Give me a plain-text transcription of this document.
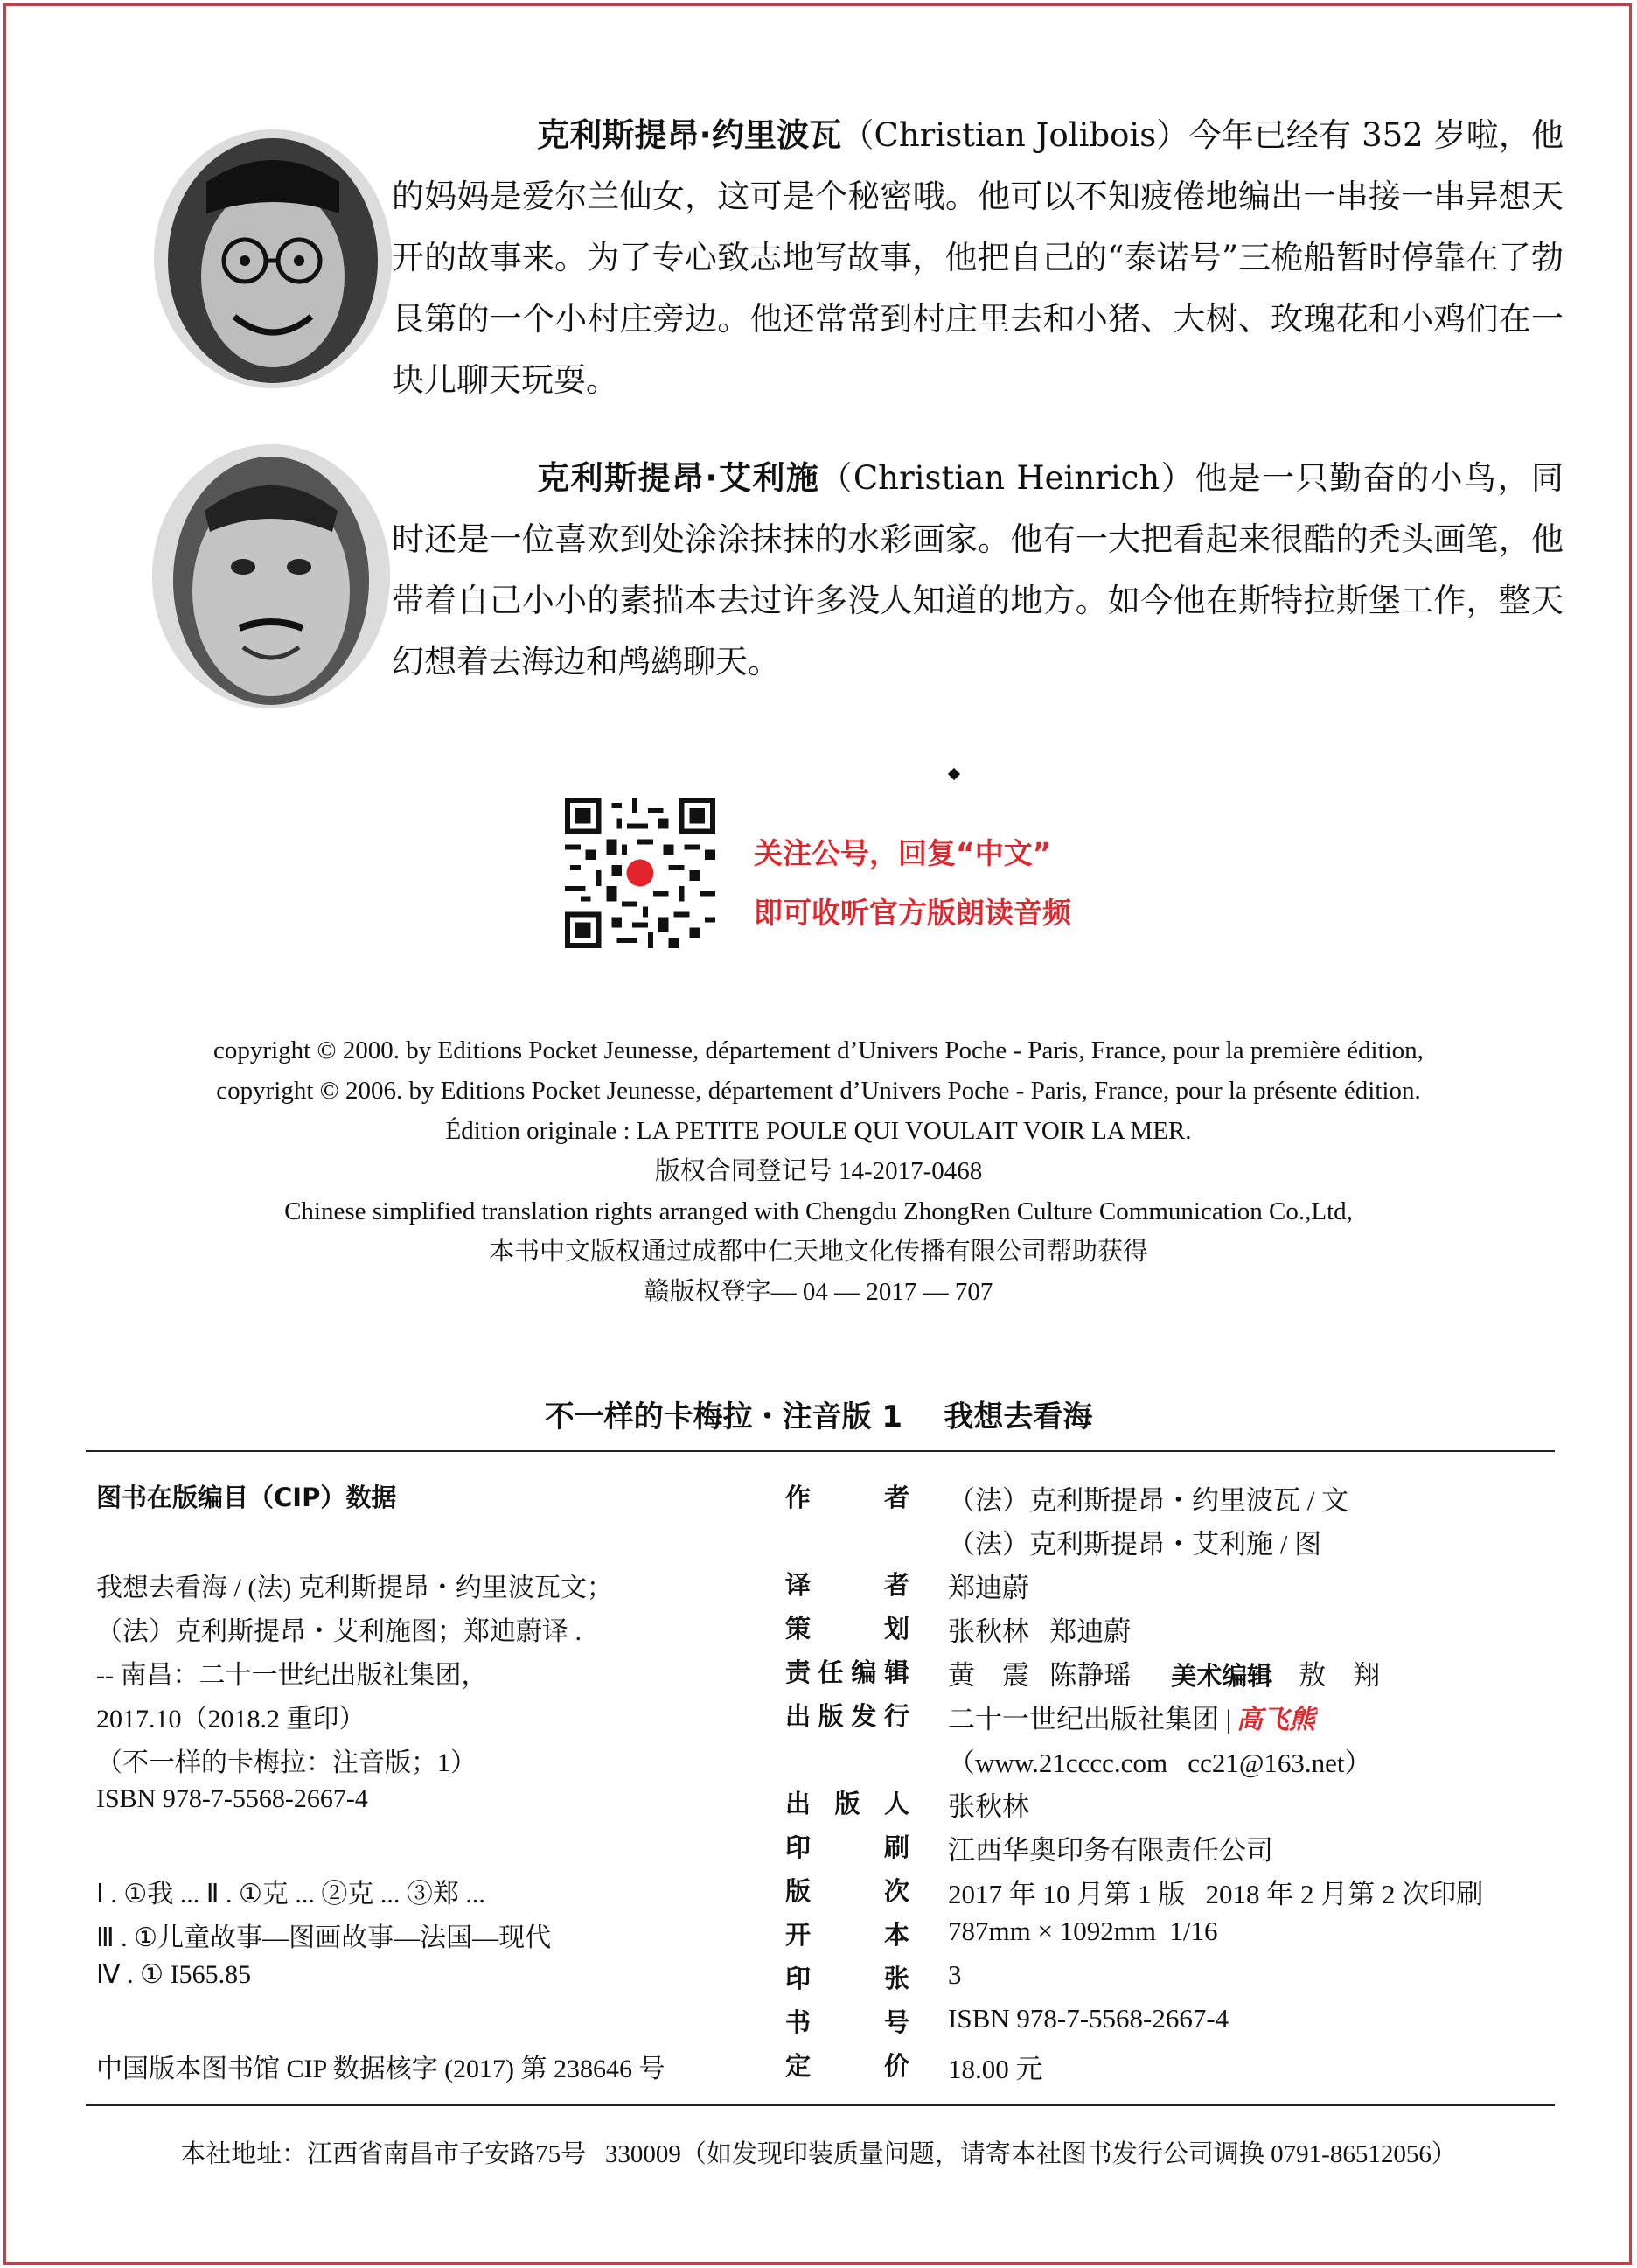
克利斯提昂·约里波瓦（Christian Jolibois）今年已经有 352 岁啦，他的妈妈是爱尔兰仙女，这可是个秘密哦。他可以不知疲倦地编出一串接一串异想天开的故事来。为了专心致志地写故事，他把自己的“泰诺号”三桅船暂时停靠在了勃艮第的一个小村庄旁边。他还常常到村庄里去和小猪、大树、玫瑰花和小鸡们在一块儿聊天玩耍。
克利斯提昂·艾利施（Christian Heinrich）他是一只勤奋的小鸟，同时还是一位喜欢到处涂涂抹抹的水彩画家。他有一大把看起来很酷的秃头画笔，他带着自己小小的素描本去过许多没人知道的地方。如今他在斯特拉斯堡工作，整天幻想着去海边和鸬鹚聊天。
关注公号，回复“中文”
即可收听官方版朗读音频
copyright © 2000. by Editions Pocket Jeunesse, département d’Univers Poche - Paris, France, pour la première édition,
copyright © 2006. by Editions Pocket Jeunesse, département d’Univers Poche - Paris, France, pour la présente édition.
Édition originale : LA PETITE POULE QUI VOULAIT VOIR LA MER.
版权合同登记号 14-2017-0468
Chinese simplified translation rights arranged with Chengdu ZhongRen Culture Communication Co.,Ltd,
本书中文版权通过成都中仁天地文化传播有限公司帮助获得
赣版权登字— 04 — 2017 — 707
不一样的卡梅拉・注音版 1    我想去看海
图书在版编目（CIP）数据
我想去看海 / (法) 克利斯提昂・约里波瓦文；
（法）克利斯提昂・艾利施图；郑迪蔚译 .
-- 南昌：二十一世纪出版社集团，
2017.10（2018.2 重印）
（不一样的卡梅拉：注音版；1）
ISBN 978-7-5568-2667-4
Ⅰ . ①我 ... Ⅱ . ①克 ... ②克 ... ③郑 ...
Ⅲ . ①儿童故事—图画故事—法国—现代
Ⅳ . ① I565.85
中国版本图书馆 CIP 数据核字 (2017) 第 238646 号
作者 （法）克利斯提昂・约里波瓦 / 文
（法）克利斯提昂・艾利施 / 图
译者 郑迪蔚
策划 张秋林   郑迪蔚
责任编辑 黄　震   陈静瑶 美术编辑 敖　翔
出版发行 二十一世纪出版社集团 | 高飞熊
（www.21cccc.com   cc21@163.net）
出版人 张秋林
印刷 江西华奥印务有限责任公司
版次 2017 年 10 月第 1 版   2018 年 2 月第 2 次印刷
开本 787mm × 1092mm  1/16
印张 3
书号 ISBN 978-7-5568-2667-4
定价 18.00 元
本社地址：江西省南昌市子安路75号   330009（如发现印装质量问题，请寄本社图书发行公司调换 0791-86512056）
